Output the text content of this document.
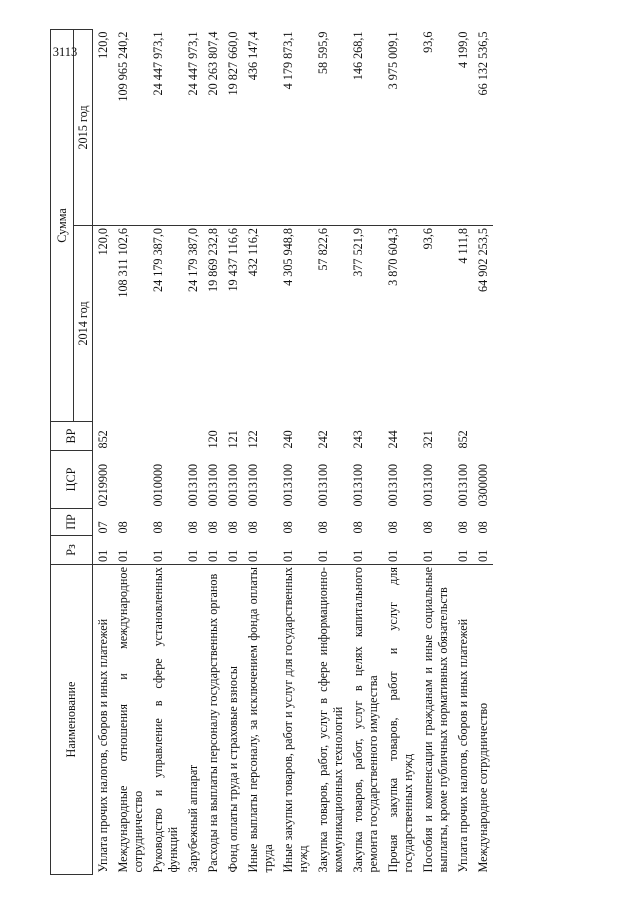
Наименование	Рз	ПР	ЦСР	ВР	Сумма	
					2014 год	2015 год
Уплата прочих налогов, сборов и иных платежей	01	07	0219900	852	120,0	120,0
Международные отношения и международное сотрудничество	01	08			108 311 102,6	109 965 240,2
Руководство и управление в сфере установленных функций	01	08	0010000		24 179 387,0	24 447 973,1
Зарубежный аппарат	01	08	0013100		24 179 387,0	24 447 973,1
Расходы на выплаты персоналу государственных органов	01	08	0013100	120	19 869 232,8	20 263 807,4
Фонд оплаты труда и страховые взносы	01	08	0013100	121	19 437 116,6	19 827 660,0
Иные выплаты персоналу, за исключением фонда оплаты труда	01	08	0013100	122	432 116,2	436 147,4
Иные закупки товаров, работ и услуг для государственных нужд	01	08	0013100	240	4 305 948,8	4 179 873,1
Закупка товаров, работ, услуг в сфере информационно-коммуникационных технологий	01	08	0013100	242	57 822,6	58 595,9
Закупка товаров, работ, услуг в целях капитального ремонта государственного имущества	01	08	0013100	243	377 521,9	146 268,1
Прочая закупка товаров, работ и услуг для государственных нужд	01	08	0013100	244	3 870 604,3	3 975 009,1
Пособия и компенсации гражданам и иные социальные выплаты, кроме публичных нормативных обязательств	01	08	0013100	321	93,6	93,6
Уплата прочих налогов, сборов и иных платежей	01	08	0013100	852	4 111,8	4 199,0
Международное сотрудничество	01	08	0300000		64 902 253,5	66 132 536,5
3113
